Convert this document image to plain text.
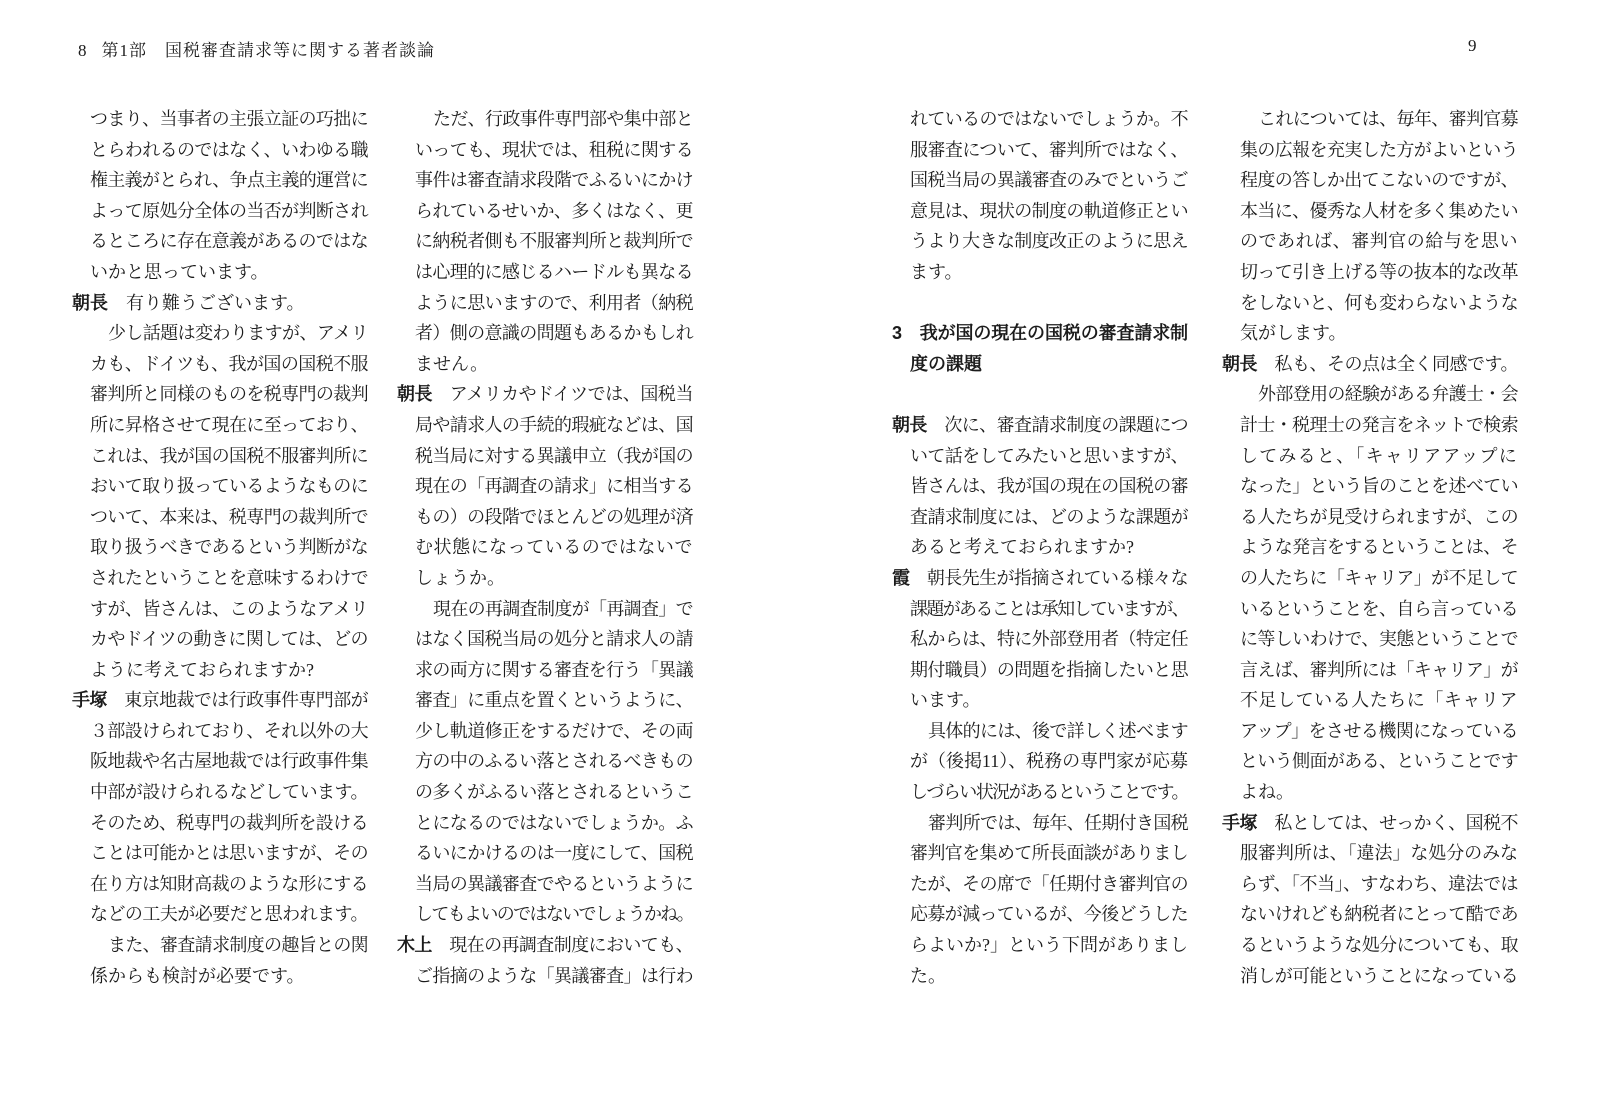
8 第1部　国税審査請求等に関する著者談論
つまり、当事者の主張立証の巧拙に
とらわれるのではなく、いわゆる職
権主義がとられ、争点主義的運営に
よって原処分全体の当否が判断され
るところに存在意義があるのではな
いかと思っています。
朝長　有り難うございます。
少し話題は変わりますが、アメリ
カも、ドイツも、我が国の国税不服
審判所と同様のものを税専門の裁判
所に昇格させて現在に至っており、
これは、我が国の国税不服審判所に
おいて取り扱っているようなものに
ついて、本来は、税専門の裁判所で
取り扱うべきであるという判断がな
されたということを意味するわけで
すが、皆さんは、このようなアメリ
カやドイツの動きに関しては、どの
ように考えておられますか?
手塚　東京地裁では行政事件専門部が
３部設けられており、それ以外の大
阪地裁や名古屋地裁では行政事件集
中部が設けられるなどしています。
そのため、税専門の裁判所を設ける
ことは可能かとは思いますが、その
在り方は知財高裁のような形にする
などの工夫が必要だと思われます。
また、審査請求制度の趣旨との関
係からも検討が必要です。
ただ、行政事件専門部や集中部と
いっても、現状では、租税に関する
事件は審査請求段階でふるいにかけ
られているせいか、多くはなく、更
に納税者側も不服審判所と裁判所で
は心理的に感じるハードルも異なる
ように思いますので、利用者（納税
者）側の意識の問題もあるかもしれ
ません。
朝長　アメリカやドイツでは、国税当
局や請求人の手続的瑕疵などは、国
税当局に対する異議申立（我が国の
現在の「再調査の請求」に相当する
もの）の段階でほとんどの処理が済
む状態になっているのではないで
しょうか。
現在の再調査制度が「再調査」で
はなく国税当局の処分と請求人の請
求の両方に関する審査を行う「異議
審査」に重点を置くというように、
少し軌道修正をするだけで、その両
方の中のふるい落とされるべきもの
の多くがふるい落とされるというこ
とになるのではないでしょうか。ふ
るいにかけるのは一度にして、国税
当局の異議審査でやるというように
してもよいのではないでしょうかね。
木上　現在の再調査制度においても、
ご指摘のような「異議審査」は行わ
9
れているのではないでしょうか。不
服審査について、審判所ではなく、
国税当局の異議審査のみでというご
意見は、現状の制度の軌道修正とい
うより大きな制度改正のように思え
ます。
3　我が国の現在の国税の審査請求制
度の課題
朝長　次に、審査請求制度の課題につ
いて話をしてみたいと思いますが、
皆さんは、我が国の現在の国税の審
査請求制度には、どのような課題が
あると考えておられますか?
霞　朝長先生が指摘されている様々な
課題があることは承知していますが、
私からは、特に外部登用者（特定任
期付職員）の問題を指摘したいと思
います。
具体的には、後で詳しく述べます
が（後掲11）、税務の専門家が応募
しづらい状況があるということです。
審判所では、毎年、任期付き国税
審判官を集めて所長面談がありまし
たが、その席で「任期付き審判官の
応募が減っているが、今後どうした
らよいか?」という下問がありまし
た。
これについては、毎年、審判官募
集の広報を充実した方がよいという
程度の答しか出てこないのですが、
本当に、優秀な人材を多く集めたい
のであれば、審判官の給与を思い
切って引き上げる等の抜本的な改革
をしないと、何も変わらないような
気がします。
朝長　私も、その点は全く同感です。
外部登用の経験がある弁護士・会
計士・税理士の発言をネットで検索
してみると、「キャリアアップに
なった」という旨のことを述べてい
る人たちが見受けられますが、この
ような発言をするということは、そ
の人たちに「キャリア」が不足して
いるということを、自ら言っている
に等しいわけで、実態ということで
言えば、審判所には「キャリア」が
不足している人たちに「キャリア
アップ」をさせる機関になっている
という側面がある、ということです
よね。
手塚　私としては、せっかく、国税不
服審判所は、「違法」な処分のみな
らず、「不当」、すなわち、違法では
ないけれども納税者にとって酷であ
るというような処分についても、取
消しが可能ということになっている
